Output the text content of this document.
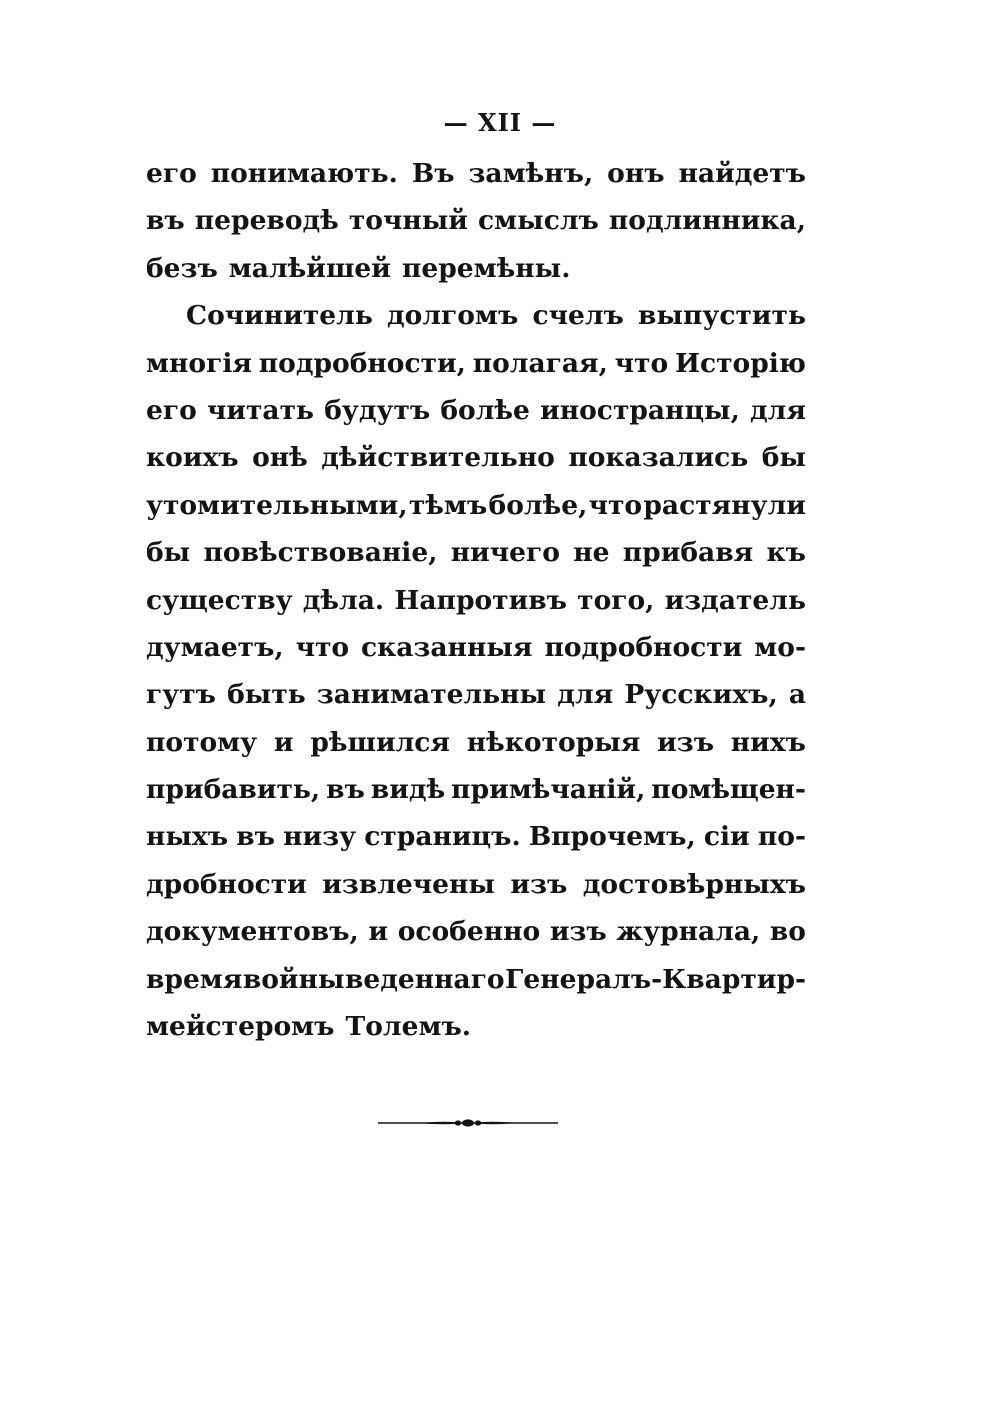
— XII —
его понимають. Въ замѣнъ, онъ найдетъ
въ переводѣ точный смыслъ подлинника,
безъ малѣйшей перемѣны.
Сочинитель долгомъ счелъ выпустить
многія подробности, полагая, что Исторію
его читать будутъ болѣе иностранцы, для
коихъ онѣ дѣйствительно показались бы
утомительными, тѣмъ болѣе, что растянули
бы повѣствованіе, ничего не прибавя къ
существу дѣла. Напротивъ того, издатель
думаетъ, что сказанныя подробности мо-
гутъ быть занимательны для Русскихъ, а
потому и рѣшился нѣкоторыя изъ нихъ
прибавить, въ видѣ примѣчаній, помѣщен-
ныхъ въ низу страницъ. Впрочемъ, сіи по-
дробности извлечены изъ достовѣрныхъ
документовъ, и особенно изъ журнала, во
время войны веденнаго Генералъ-Квартир-
мейстеромъ Толемъ.
